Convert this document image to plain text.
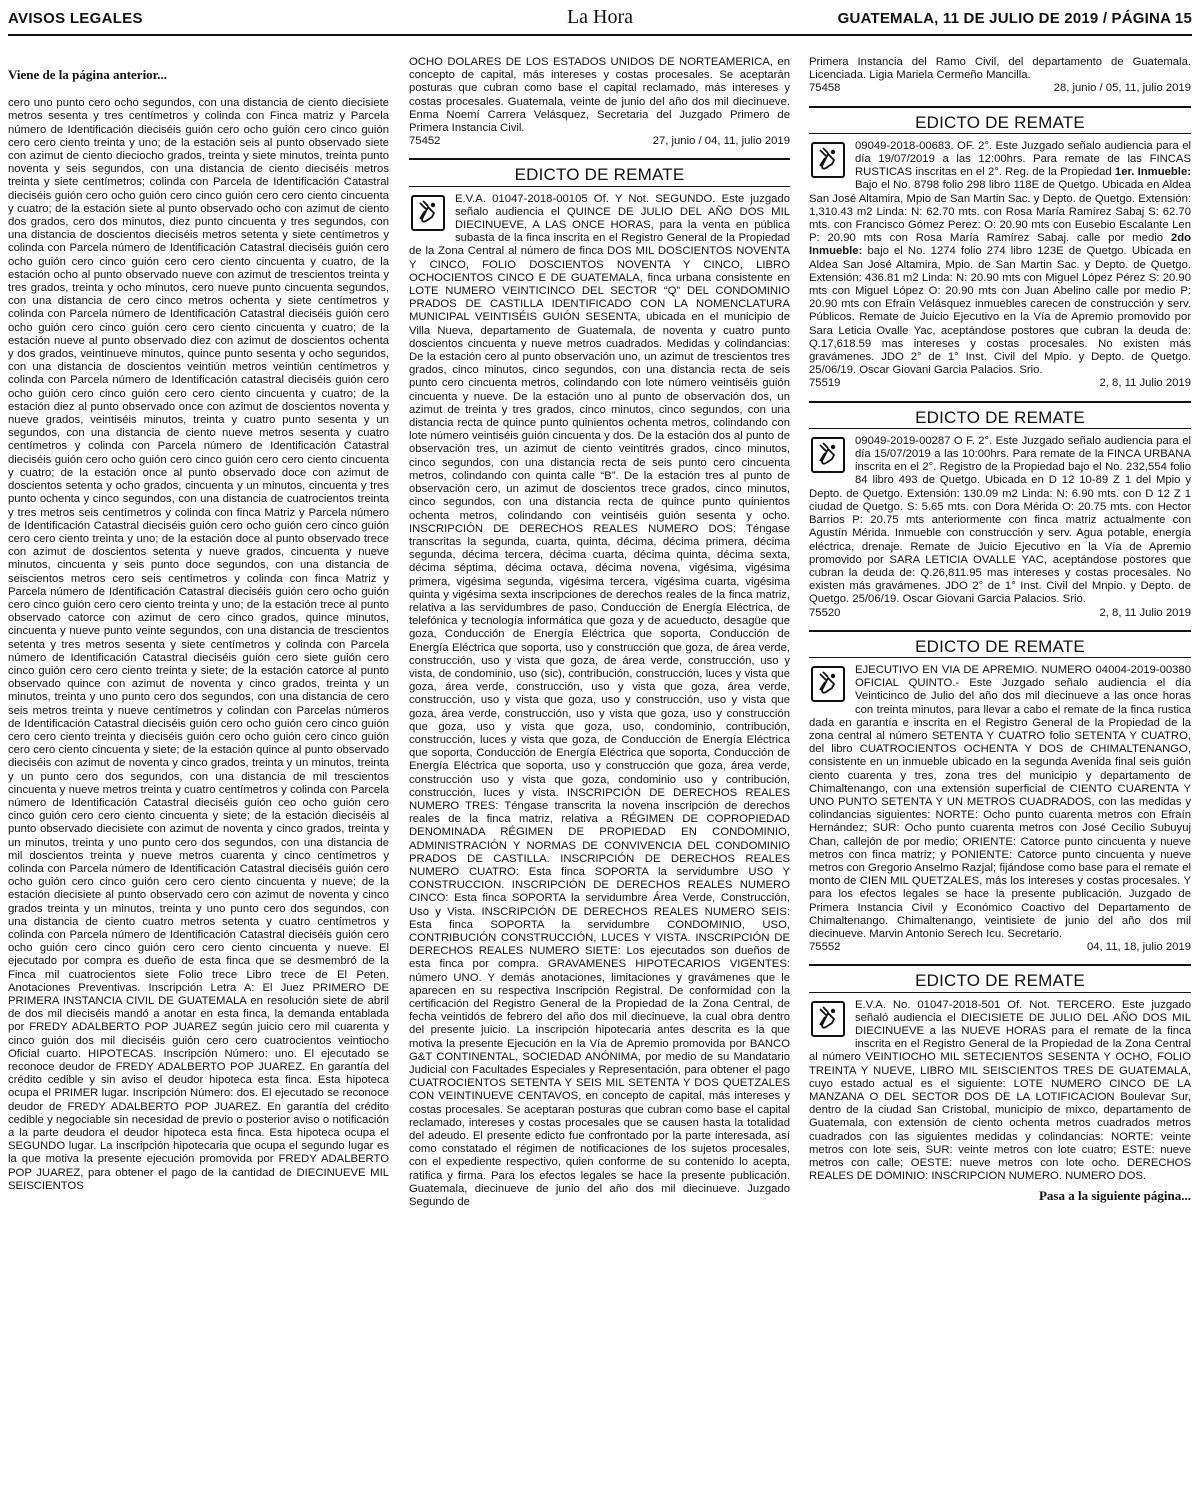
AVISOS LEGALES	La Hora	GUATEMALA, 11 DE JULIO DE 2019 / PÁGINA 15
Viene de la página anterior...
cero uno punto cero ocho segundos, con una distancia de ciento diecisiete metros sesenta y tres centímetros y colinda con Finca matriz y Parcela número de Identificación dieciséis guión cero ocho guión cero cinco guión cero cero ciento treinta y uno; de la estación seis al punto observado siete con azimut de ciento dieciocho grados, treinta y siete minutos, treinta punto noventa y seis segundos, con una distancia de ciento dieciséis metros treinta y siete centímetros; colinda con Parcela de Identificación Catastral dieciséis guión cero ocho guión cero cinco guión cero cero ciento cincuenta y cuatro; de la estación siete al punto observado ocho con azimut de ciento dos grados, cero dos minutos, diez punto cincuenta y tres segundos, con una distancia de doscientos dieciséis metros setenta y siete centímetros y colinda con Parcela número de Identificación Catastral dieciséis guión cero ocho guión cero cinco guión cero cero ciento cincuenta y cuatro, de la estación ocho al punto observado nueve con azimut de trescientos treinta y tres grados, treinta y ocho minutos, cero nueve punto cincuenta segundos, con una distancia de cero cinco metros ochenta y siete centímetros y colinda con Parcela número de Identificación Catastral dieciséis guión cero ocho guión cero cinco guión cero cero ciento cincuenta y cuatro; de la estación nueve al punto observado diez con azimut de doscientos ochenta y dos grados, veintinueve minutos, quince punto sesenta y ocho segundos, con una distancia de doscientos veintiún metros veintiún centímetros y colinda con Parcela número de Identificación catastral dieciséis guión cero ocho guión cero cinco guión cero cero ciento cincuenta y cuatro; de la estación diez al punto observado once con azimut de doscientos noventa y nueve grados, veintiséis minutos, treinta y cuatro punto sesenta y un segundos, con una distancia de ciento nueve metros sesenta y cuatro centímetros y colinda con Parcela número de Identificación Catastral dieciséis guión cero ocho guión cero cinco guión cero cero ciento cincuenta y cuatro; de la estación once al punto observado doce con azimut de doscientos setenta y ocho grados, cincuenta y un minutos, cincuenta y tres punto ochenta y cinco segundos, con una distancia de cuatrocientos treinta y tres metros seis centímetros y colinda con finca Matriz y Parcela número de Identificación Catastral dieciséis guión cero ocho guión cero cinco guión cero cero ciento treinta y uno; de la estación doce al punto observado trece con azimut de doscientos setenta y nueve grados, cincuenta y nueve minutos, cincuenta y seis punto doce segundos, con una distancia de seiscientos metros cero seis centímetros y colinda con finca Matriz y Parcela número de Identificación Catastral dieciséis guión cero ocho guión cero cinco guión cero cero ciento treinta y uno; de la estación trece al punto observado catorce con azimut de cero cinco grados, quince minutos, cincuenta y nueve punto veinte segundos, con una distancia de trescientos setenta y tres metros sesenta y siete centímetros y colinda con Parcela número de Identificación Catastral dieciséis guión cero siete guión cero cinco guión cero cero ciento treinta y siete; de la estación catorce al punto observado quince con azimut de noventa y cinco grados, treinta y un minutos, treinta y uno punto cero dos segundos, con una distancia de cero seis metros treinta y nueve centímetros y colindan con Parcelas números de Identificación Catastral dieciséis guión cero ocho guión cero cinco guión cero cero ciento treinta y dieciséis guión cero ocho guión cero cinco guión cero cero ciento cincuenta y siete; de la estación quince al punto observado dieciséis con azimut de noventa y cinco grados, treinta y un minutos, treinta y un punto cero dos segundos, con una distancia de mil trescientos cincuenta y nueve metros treinta y cuatro centímetros y colinda con Parcela número de Identificación Catastral dieciséis guión ceo ocho guión cero cinco guión cero cero ciento cincuenta y siete; de la estación dieciséis al punto observado diecisiete con azimut de noventa y cinco grados, treinta y un minutos, treinta y uno punto cero dos segundos, con una distancia de mil doscientos treinta y nueve metros cuarenta y cinco centímetros y colinda con Parcela número de Identificación Catastral dieciséis guión cero ocho guión cero cinco guión cero cero ciento cincuenta y nueve; de la estación diecisiete al punto observado cero con azimut de noventa y cinco grados treinta y un minutos, treinta y uno punto cero dos segundos, con una distancia de ciento cuatro metros setenta y cuatro centímetros y colinda con Parcela número de Identificación Catastral dieciséis guión cero ocho guión cero cinco guión cero cero ciento cincuenta y nueve. El ejecutado por compra es dueño de esta finca que se desmembró de la Finca mil cuatrocientos siete Folio trece Libro trece de El Peten. Anotaciones Preventivas. Inscripción Letra A: El Juez PRIMERO DE PRIMERA INSTANCIA CIVIL DE GUATEMALA en resolución siete de abril de dos mil dieciséis mandó a anotar en esta finca, la demanda entablada por FREDY ADALBERTO POP JUAREZ según juicio cero mil cuarenta y cinco guión dos mil dieciséis guión cero cero cuatrocientos veintiocho Oficial cuarto. HIPOTECAS. Inscripción Número: uno. El ejecutado se reconoce deudor de FREDY ADALBERTO POP JUAREZ. En garantía del crédito cedible y sin aviso el deudor hipoteca esta finca. Esta hipoteca ocupa el PRIMER lugar. Inscripción Número: dos. El ejecutado se reconoce deudor de FREDY ADALBERTO POP JUAREZ. En garantía del crédito cedible y negociable sin necesidad de previo o posterior aviso o notificación a la parte deudora el deudor hipoteca esta finca. Esta hipoteca ocupa el SEGUNDO lugar. La inscripción hipotecaria que ocupa el segundo lugar es la que motiva la presente ejecución promovida por FREDY ADALBERTO POP JUAREZ, para obtener el pago de la cantidad de DIECINUEVE MIL SEISCIENTOS
OCHO DOLARES DE LOS ESTADOS UNIDOS DE NORTEAMERICA, en concepto de capital, más intereses y costas procesales. Se aceptarán posturas que cubran como base el capital reclamado, más intereses y costas procesales. Guatemala, veinte de junio del año dos mil diecinueve. Enma Noemí Carrera Velásquez, Secretaria del Juzgado Primero de Primera Instancia Civil.
75452	27, junio / 04, 11, julio 2019
EDICTO DE REMATE
E.V.A. 01047-2018-00105 Of. Y Not. SEGUNDO. Este juzgado señalo audiencia el QUINCE DE JULIO DEL AÑO DOS MIL DIECINUEVE, A LAS ONCE HORAS, para la venta en pública subasta de la finca inscrita en el Registro General de la Propiedad de la Zona Central al número de finca DOS MIL DOSCIENTOS NOVENTA Y CINCO, FOLIO DOSCIENTOS NOVENTA Y CINCO, LIBRO OCHOCIENTOS CINCO E DE GUATEMALA, finca urbana consistente en LOTE NUMERO VEINTICINCO DEL SECTOR “Q” DEL CONDOMINIO PRADOS DE CASTILLA IDENTIFICADO CON LA NOMENCLATURA MUNICIPAL VEINTISÉIS GUIÓN SESENTA, ubicada en el municipio de Villa Nueva, departamento de Guatemala, de noventa y cuatro punto doscientos cincuenta y nueve metros cuadrados. Medidas y colindancias: De la estación cero al punto observación uno, un azimut de trescientos tres grados, cinco minutos, cinco segundos, con una distancia recta de seis punto cero cincuenta metros, colindando con lote número veintiséis guión cincuenta y nueve. De la estación uno al punto de observación dos, un azimut de treinta y tres grados, cinco minutos, cinco segundos, con una distancia recta de quince punto quinientos ochenta metros, colindando con lote número veintiséis guión cincuenta y dos. De la estación dos al punto de observación tres, un azimut de ciento veintitrés grados, cinco minutos, cinco segundos, con una distancia recta de seis punto cero cincuenta metros, colindando con quinta calle “B”. De la estación tres al punto de observación cero, un azimut de doscientos trece grados, cinco minutos, cinco segundos, con una distancia recta de quince punto quinientos ochenta metros, colindando con veintiséis guión sesenta y ocho. INSCRIPCIÓN DE DERECHOS REALES NUMERO DOS: Téngase transcritas la segunda, cuarta, quinta, décima, décima primera, décima segunda, décima tercera, décima cuarta, décima quinta, décima sexta, décima séptima, décima octava, décima novena, vigésima, vigésima primera, vigésima segunda, vigésima tercera, vigésima cuarta, vigésima quinta y vigésima sexta inscripciones de derechos reales de la finca matriz, relativa a las servidumbres de paso, Conducción de Energía Eléctrica, de telefónica y tecnología informática que goza y de acueducto, desagüe que goza, Conducción de Energía Eléctrica que soporta, Conducción de Energía Eléctrica que soporta, uso y construcción que goza, de área verde, construcción, uso y vista que goza, de área verde, construcción, uso y vista, de condominio, uso (sic), contribución, construcción, luces y vista que goza, área verde, construcción, uso y vista que goza, área verde, construcción, uso y vista que goza, uso y construcción, uso y vista que goza, área verde, construcción, uso y vista que goza, uso y construcción que goza, uso y vista que goza, uso, condominio, contribución, construcción, luces y vista que goza, de Conducción de Energía Eléctrica que soporta, Conducción de Energía Eléctrica que soporta, Conducción de Energía Eléctrica que soporta, uso y construcción que goza, área verde, construcción uso y vista que goza, condominio uso y contribución, construcción, luces y vista. INSCRIPCIÓN DE DERECHOS REALES NUMERO TRES: Téngase transcrita la novena inscripción de derechos reales de la finca matriz, relativa a RÉGIMEN DE COPROPIEDAD DENOMINADA RÉGIMEN DE PROPIEDAD EN CONDOMINIO, ADMINISTRACIÓN Y NORMAS DE CONVIVENCIA DEL CONDOMINIO PRADOS DE CASTILLA. INSCRIPCIÓN DE DERECHOS REALES NUMERO CUATRO: Esta finca SOPORTA la servidumbre USO Y CONSTRUCCION. INSCRIPCIÓN DE DERECHOS REALES NUMERO CINCO: Esta finca SOPORTA la servidumbre Área Verde, Construcción, Uso y Vista. INSCRIPCIÓN DE DERECHOS REALES NUMERO SEIS: Esta finca SOPORTA la servidumbre CONDOMINIO, USO, CONTRIBUCIÓN CONSTRUCCIÓN, LUCES Y VISTA. INSCRIPCIÓN DE DERECHOS REALES NUMERO SIETE: Los ejecutados son dueños de esta finca por compra. GRAVAMENES HIPOTECARIOS VIGENTES: número UNO. Y demás anotaciones, limitaciones y gravámenes que le aparecen en su respectiva Inscripción Registral. De conformidad con la certificación del Registro General de la Propiedad de la Zona Central, de fecha veintidós de febrero del año dos mil diecinueve, la cual obra dentro del presente juicio. La inscripción hipotecaria antes descrita es la que motiva la presente Ejecución en la Vía de Apremio promovida por BANCO G&T CONTINENTAL, SOCIEDAD ANÓNIMA, por medio de su Mandatario Judicial con Facultades Especiales y Representación, para obtener el pago CUATROCIENTOS SETENTA Y SEIS MIL SETENTA Y DOS QUETZALES CON VEINTINUEVE CENTAVOS, en concepto de capital, más intereses y costas procesales. Se aceptaran posturas que cubran como base el capital reclamado, intereses y costas procesales que se causen hasta la totalidad del adeudo. El presente edicto fue confrontado por la parte interesada, así como constatado el régimen de notificaciones de los sujetos procesales, con el expediente respectivo, quien conforme de su contenido lo acepta, ratifica y firma. Para los efectos legales se hace la presente publicación. Guatemala, diecinueve de junio del año dos mil diecinueve. Juzgado Segundo de
Primera Instancia del Ramo Civil, del departamento de Guatemala. Licenciada. Ligia Mariela Cermeño Mancilla.
75458	28, junio / 05, 11, julio 2019
EDICTO DE REMATE
09049-2018-00683. OF. 2°. Este Juzgado señalo audiencia para el día 19/07/2019 a las 12:00hrs. Para remate de las FINCAS RUSTICAS inscritas en el 2°. Reg. de la Propiedad 1er. Inmueble: Bajo el No. 8798 folio 298 libro 118E de Quetgo. Ubicada en Aldea San José Altamira, Mpio de San Martin Sac. y Depto. de Quetgo. Extensión: 1,310.43 m2 Linda: N: 62.70 mts. con Rosa María Ramírez Sabaj S: 62.70 mts. con Francisco Gómez Perez: O: 20.90 mts con Eusebio Escalante Len P: 20.90 mts con Rosa María Ramírez Sabaj. calle por medio 2do Inmueble: bajo el No. 1274 folio 274 libro 123E de Quetgo. Ubicada en Aldea San José Altamira, Mpio. de San Martin Sac. y Depto. de Quetgo. Extensión: 436.81 m2 Linda: N: 20.90 mts con Miguel López Pérez S: 20.90 mts con Miguel López O: 20.90 mts con Juan Abelino calle por medio P: 20.90 mts con Efraín Velásquez inmuebles carecen de construcción y serv. Públicos. Remate de Juicio Ejecutivo en la Vía de Apremio promovido por Sara Leticia Ovalle Yac, aceptándose postores que cubran la deuda de: Q.17,618.59 mas intereses y costas procesales. No existen más gravámenes. JDO 2° de 1° Inst. Civil del Mpio. y Depto. de Quetgo. 25/06/19. Oscar Giovani Garcia Palacios. Srio.
75519	2, 8, 11 Julio 2019
EDICTO DE REMATE
09049-2019-00287 O F. 2°. Este Juzgado señalo audiencia para el día 15/07/2019 a las 10:00hrs. Para remate de la FINCA URBANA inscrita en el 2°. Registro de la Propiedad bajo el No. 232,554 folio 84 libro 493 de Quetgo. Ubicada en D 12 10-89 Z 1 del Mpio y Depto. de Quetgo. Extensión: 130.09 m2 Linda: N: 6.90 mts. con D 12 Z 1 ciudad de Quetgo. S: 5.65 mts. con Dora Mérida O: 20.75 mts. con Hector Barrios P: 20.75 mts anteriormente con finca matriz actualmente con Agustín Mérida. Inmueble con construcción y serv. Agua potable, energía eléctrica, drenaje. Remate de Juicio Ejecutivo en la Vía de Apremio promovido por SARA LETICIA OVALLE YAC, aceptándose postores que cubran la deuda de: Q.26,811.95 mas intereses y costas procesales. No existen más gravámenes. JDO 2° de 1° Inst. Civil del Mnpio. y Depto. de Quetgo. 25/06/19. Oscar Giovani Garcia Palacios. Srio.
75520	2, 8, 11 Julio 2019
EDICTO DE REMATE
EJECUTIVO EN VIA DE APREMIO. NUMERO 04004-2019-00380 OFICIAL QUINTO.- Este Juzgado señalo audiencia el día Veinticinco de Julio del año dos mil diecinueve a las once horas con treinta minutos, para llevar a cabo el remate de la finca rustica dada en garantía e inscrita en el Registro General de la Propiedad de la zona central al número SETENTA Y CUATRO folio SETENTA Y CUATRO, del libro CUATROCIENTOS OCHENTA Y DOS de CHIMALTENANGO, consistente en un inmueble ubicado en la segunda Avenida final seis guión ciento cuarenta y tres, zona tres del municipio y departamento de Chimaltenango, con una extensión superficial de CIENTO CUARENTA Y UNO PUNTO SETENTA Y UN METROS CUADRADOS, con las medidas y colindancias siguientes: NORTE: Ocho punto cuarenta metros con Efraín Hernández; SUR: Ocho punto cuarenta metros con José Cecilio Subuyuj Chan, callejón de por medio; ORIENTE: Catorce punto cincuenta y nueve metros con finca matriz; y PONIENTE: Catorce punto cincuenta y nueve metros con Gregorio Anselmo Razjal; fijándose como base para el remate el monto de CIEN MIL QUETZALES, más los intereses y costas procesales. Y para los efectos legales se hace la presente publicación. Juzgado de Primera Instancia Civil y Económico Coactivo del Departamento de Chimaltenango. Chimaltenango, veintisiete de junio del año dos mil diecinueve. Marvin Antonio Serech Icu. Secretario.
75552	04, 11, 18, julio 2019
EDICTO DE REMATE
E.V.A. No. 01047-2018-501 Of. Not. TERCERO. Este juzgado señaló audiencia el DIECISIETE DE JULIO DEL AÑO DOS MIL DIECINUEVE a las NUEVE HORAS para el remate de la finca inscrita en el Registro General de la Propiedad de la Zona Central al número VEINTIOCHO MIL SETECIENTOS SESENTA Y OCHO, FOLIO TREINTA Y NUEVE, LIBRO MIL SEISCIENTOS TRES DE GUATEMALA, cuyo estado actual es el siguiente: LOTE NUMERO CINCO DE LA MANZANA O DEL SECTOR DOS DE LA LOTIFICACION Boulevar Sur, dentro de la ciudad San Cristobal, municipio de mixco, departamento de Guatemala, con extensión de ciento ochenta metros cuadrados metros cuadrados con las siguientes medidas y colindancias: NORTE: veinte metros con lote seis, SUR: veinte metros con lote cuatro; ESTE: nueve metros con calle; OESTE: nueve metros con lote ocho. DERECHOS REALES DE DOMINIO: INSCRIPCION NUMERO. NUMERO DOS.
Pasa a la siguiente página...
